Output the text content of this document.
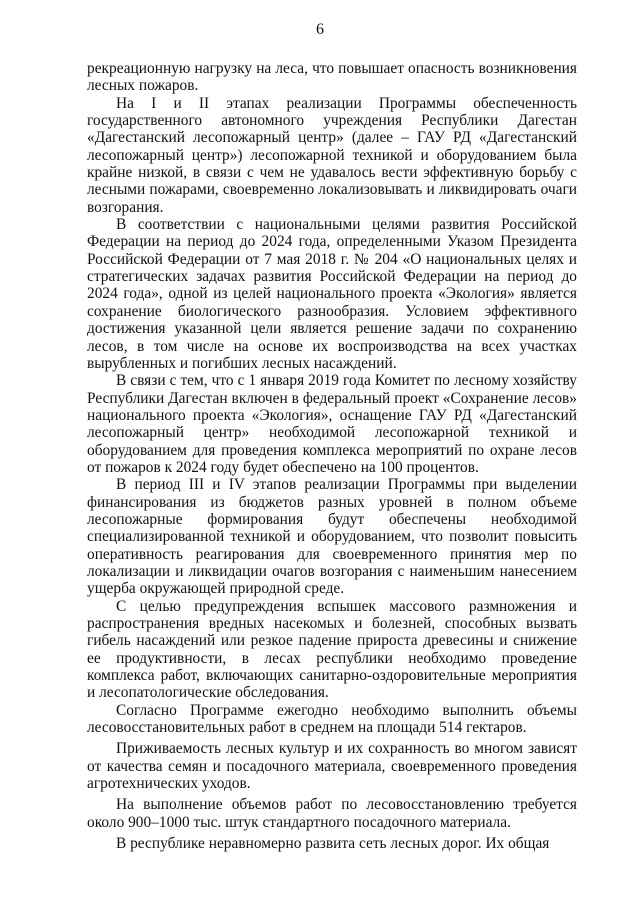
6

рекреационную нагрузку на леса, что повышает опасность возникновения лесных пожаров.

На I и II этапах реализации Программы обеспеченность государственного автономного учреждения Республики Дагестан «Дагестанский лесопожарный центр» (далее – ГАУ РД «Дагестанский лесопожарный центр») лесопожарной техникой и оборудованием была крайне низкой, в связи с чем не удавалось вести эффективную борьбу с лесными пожарами, своевременно локализовывать и ликвидировать очаги возгорания.

В соответствии с национальными целями развития Российской Федерации на период до 2024 года, определенными Указом Президента Российской Федерации от 7 мая 2018 г. № 204 «О национальных целях и стратегических задачах развития Российской Федерации на период до 2024 года», одной из целей национального проекта «Экология» является сохранение биологического разнообразия. Условием эффективного достижения указанной цели является решение задачи по сохранению лесов, в том числе на основе их воспроизводства на всех участках вырубленных и погибших лесных насаждений.

В связи с тем, что с 1 января 2019 года Комитет по лесному хозяйству Республики Дагестан включен в федеральный проект «Сохранение лесов» национального проекта «Экология», оснащение ГАУ РД «Дагестанский лесопожарный центр» необходимой лесопожарной техникой и оборудованием для проведения комплекса мероприятий по охране лесов от пожаров к 2024 году будет обеспечено на 100 процентов.

В период III и IV этапов реализации Программы при выделении финансирования из бюджетов разных уровней в полном объеме лесопожарные формирования будут обеспечены необходимой специализированной техникой и оборудованием, что позволит повысить оперативность реагирования для своевременного принятия мер по локализации и ликвидации очагов возгорания с наименьшим нанесением ущерба окружающей природной среде.

С целью предупреждения вспышек массового размножения и распространения вредных насекомых и болезней, способных вызвать гибель насаждений или резкое падение прироста древесины и снижение ее продуктивности, в лесах республики необходимо проведение комплекса работ, включающих санитарно-оздоровительные мероприятия и лесопатологические обследования.

Согласно Программе ежегодно необходимо выполнить объемы лесовосстановительных работ в среднем на площади 514 гектаров.

Приживаемость лесных культур и их сохранность во многом зависят от качества семян и посадочного материала, своевременного проведения агротехнических уходов.

На выполнение объемов работ по лесовосстановлению требуется около 900–1000 тыс. штук стандартного посадочного материала.

В республике неравномерно развита сеть лесных дорог. Их общая
